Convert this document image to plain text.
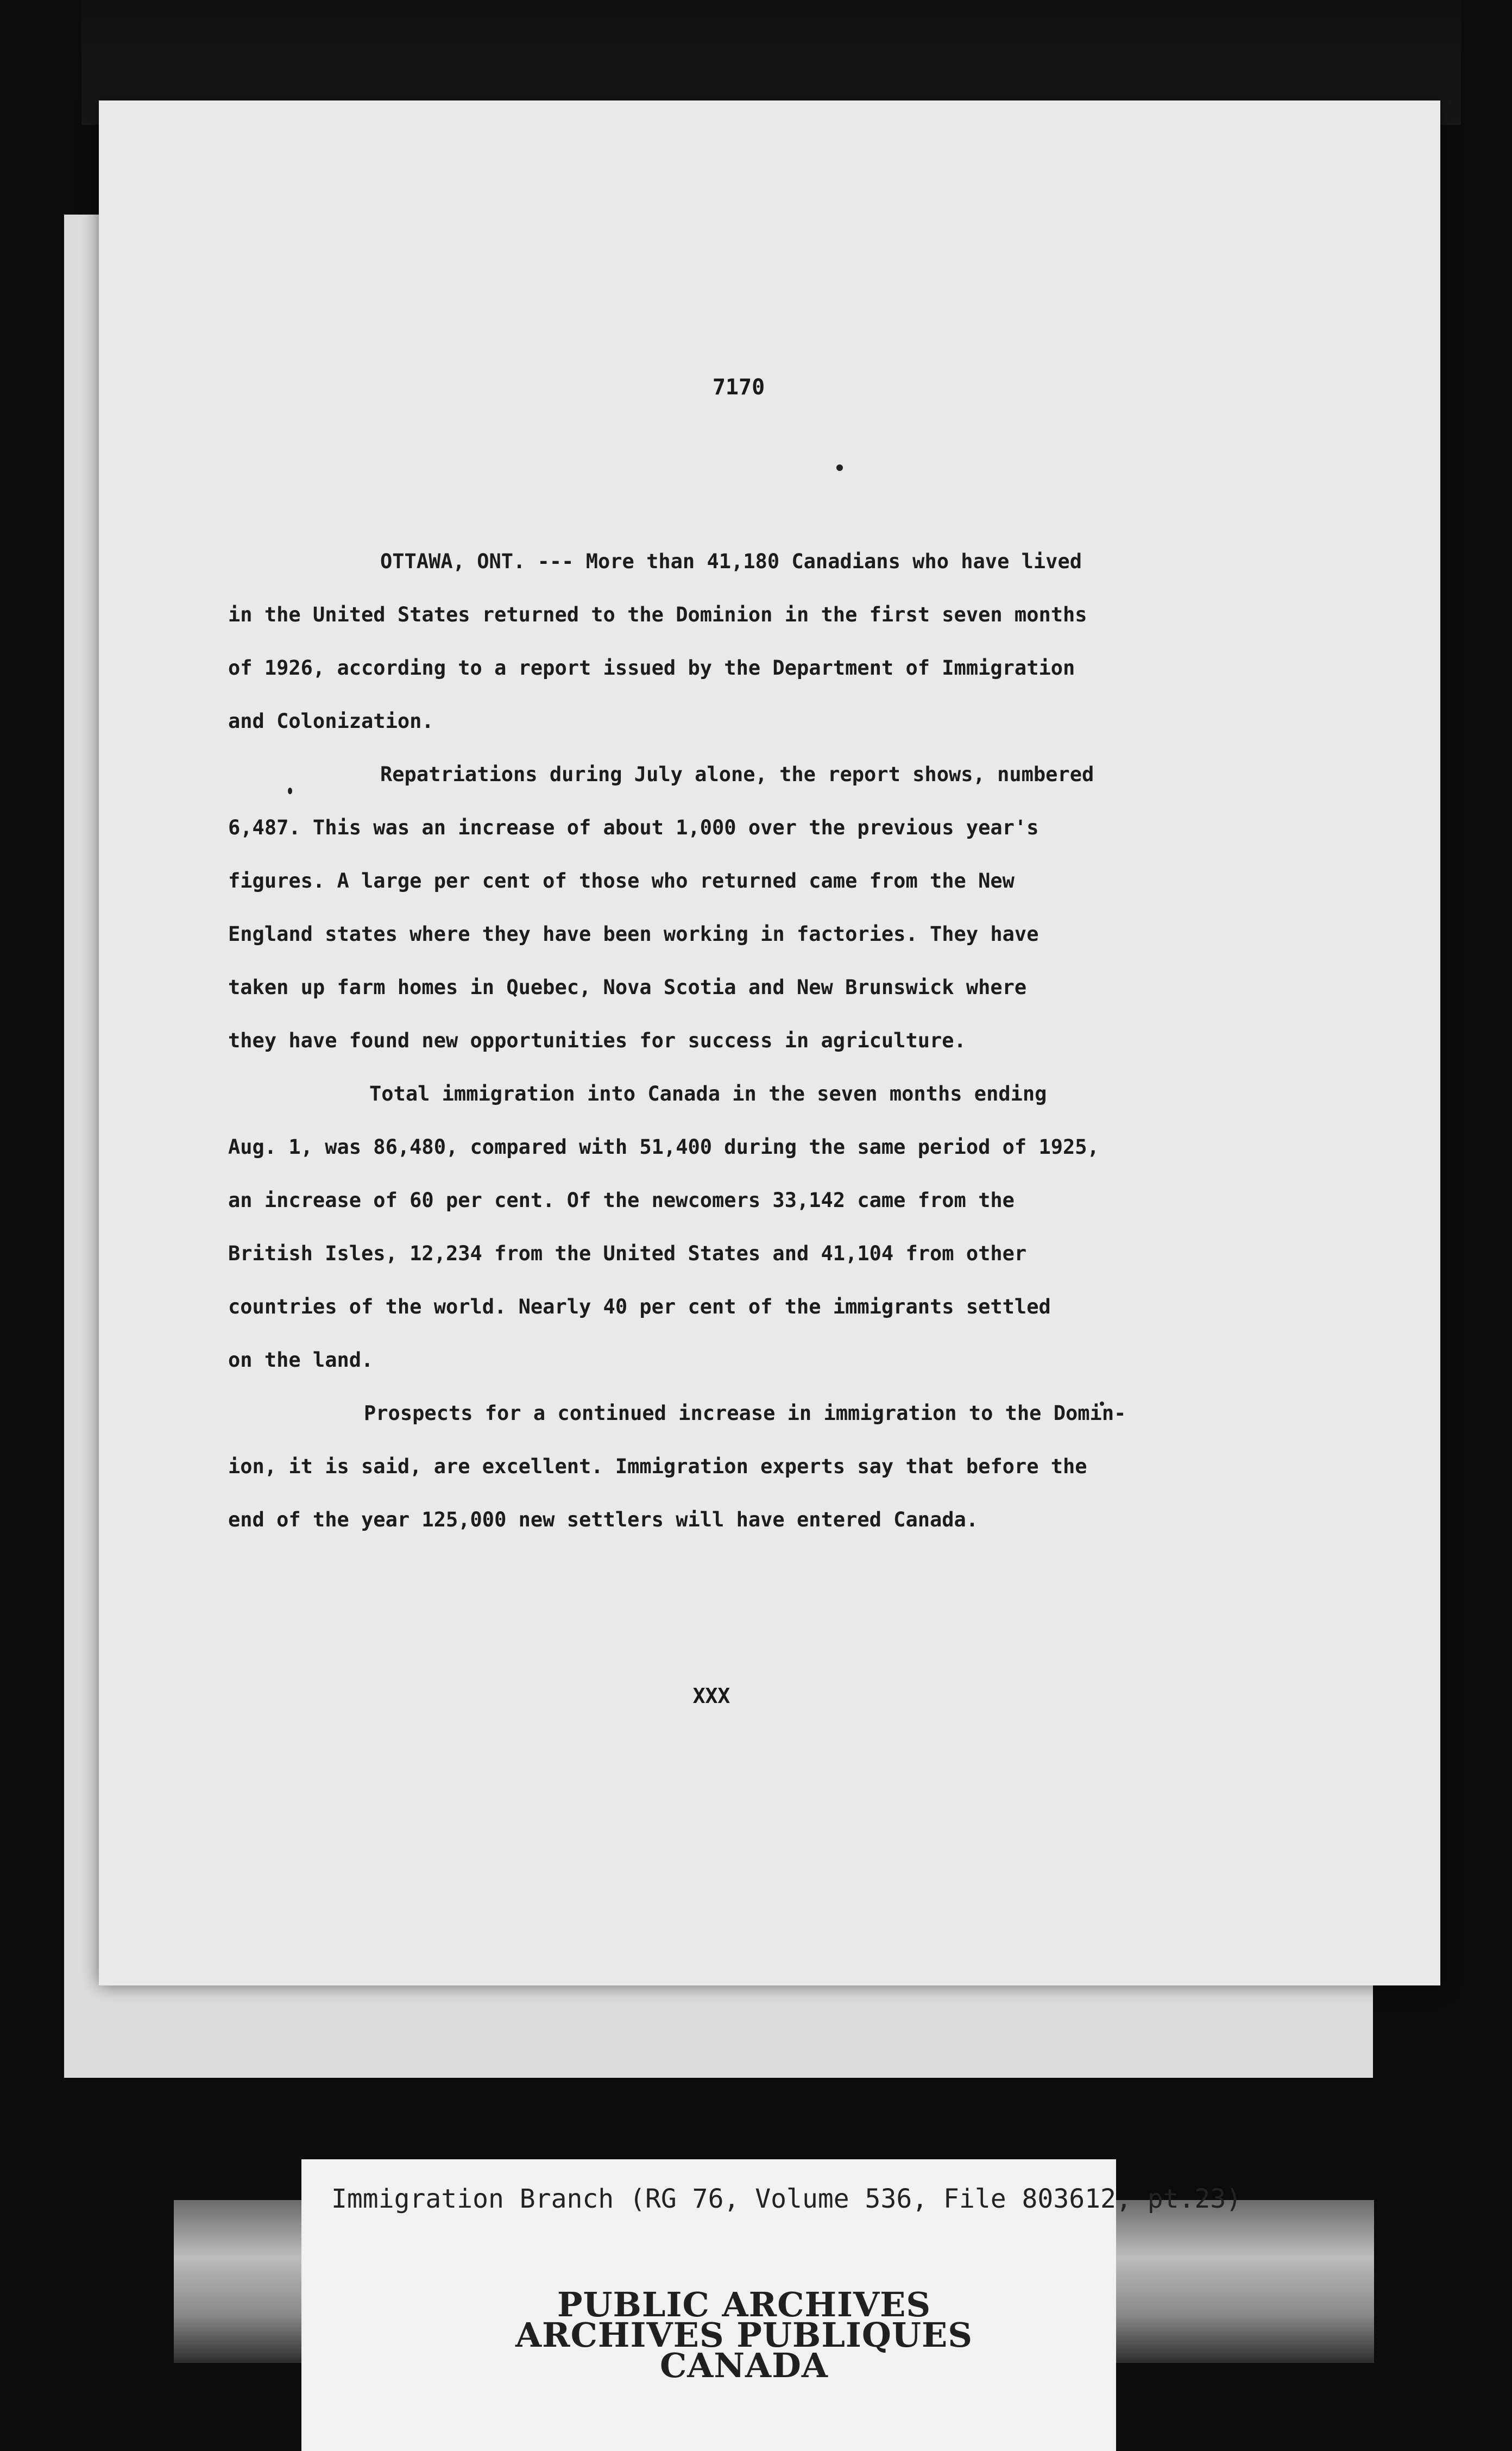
7170
OTTAWA, ONT. --- More than 41,180 Canadians who have lived
in the United States returned to the Dominion in the first seven months
of 1926, according to a report issued by the Department of Immigration
and Colonization.
Repatriations during July alone, the report shows, numbered
6,487. This was an increase of about 1,000 over the previous year's
figures. A large per cent of those who returned came from the New
England states where they have been working in factories. They have
taken up farm homes in Quebec, Nova Scotia and New Brunswick where
they have found new opportunities for success in agriculture.
Total immigration into Canada in the seven months ending
Aug. 1, was 86,480, compared with 51,400 during the same period of 1925,
an increase of 60 per cent. Of the newcomers 33,142 came from the
British Isles, 12,234 from the United States and 41,104 from other
countries of the world. Nearly 40 per cent of the immigrants settled
on the land.
Prospects for a continued increase in immigration to the Domin-
ion, it is said, are excellent. Immigration experts say that before the
end of the year 125,000 new settlers will have entered Canada.
XXX
Immigration Branch (RG 76, Volume 536, File 803612, pt.23)
PUBLIC ARCHIVES
ARCHIVES PUBLIQUES
CANADA
